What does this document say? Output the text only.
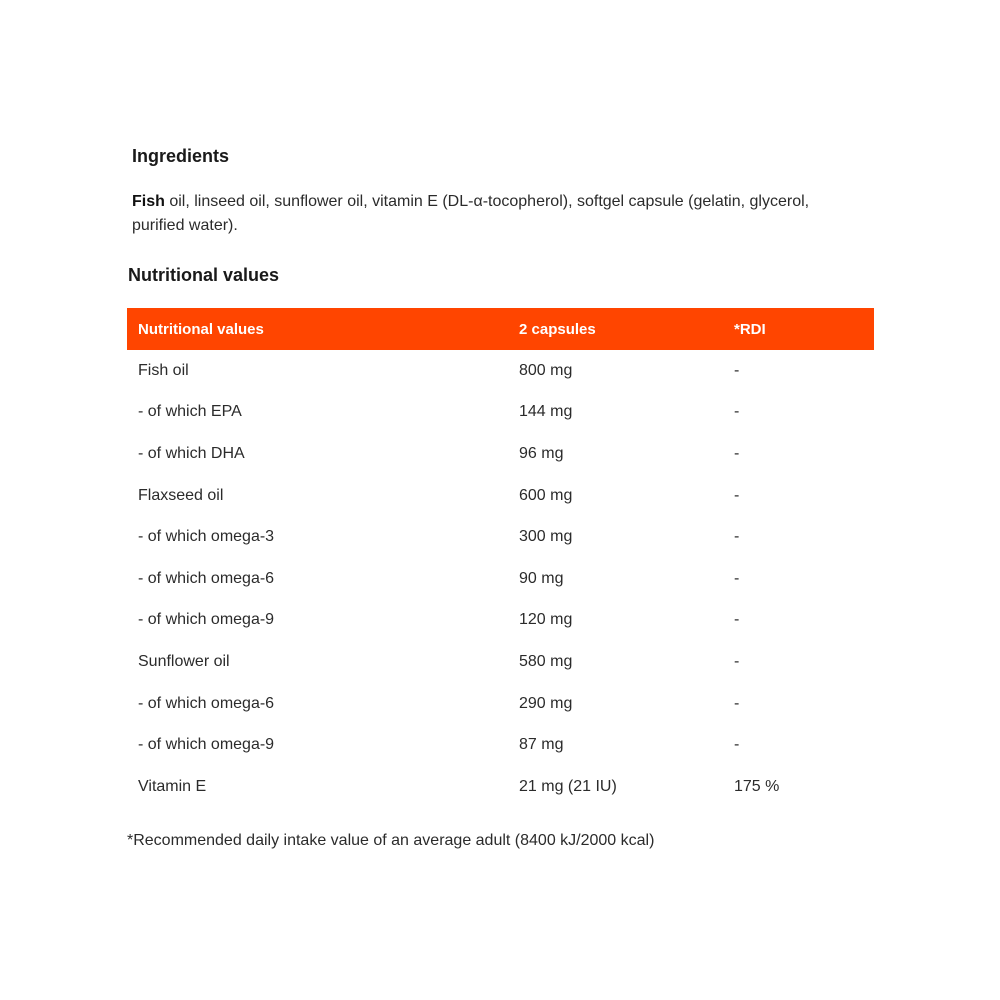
Ingredients

Fish oil, linseed oil, sunflower oil, vitamin E (DL-α-tocopherol), softgel capsule (gelatin, glycerol, purified water).

Nutritional values
Nutritional values	2 capsules	*RDI
Fish oil	800 mg	-
- of which EPA	144 mg	-
- of which DHA	96 mg	-
Flaxseed oil	600 mg	-
- of which omega-3	300 mg	-
- of which omega-6	90 mg	-
- of which omega-9	120 mg	-
Sunflower oil	580 mg	-
- of which omega-6	290 mg	-
- of which omega-9	87 mg	-
Vitamin E	21 mg (21 IU)	175 %

*Recommended daily intake value of an average adult (8400 kJ/2000 kcal)
